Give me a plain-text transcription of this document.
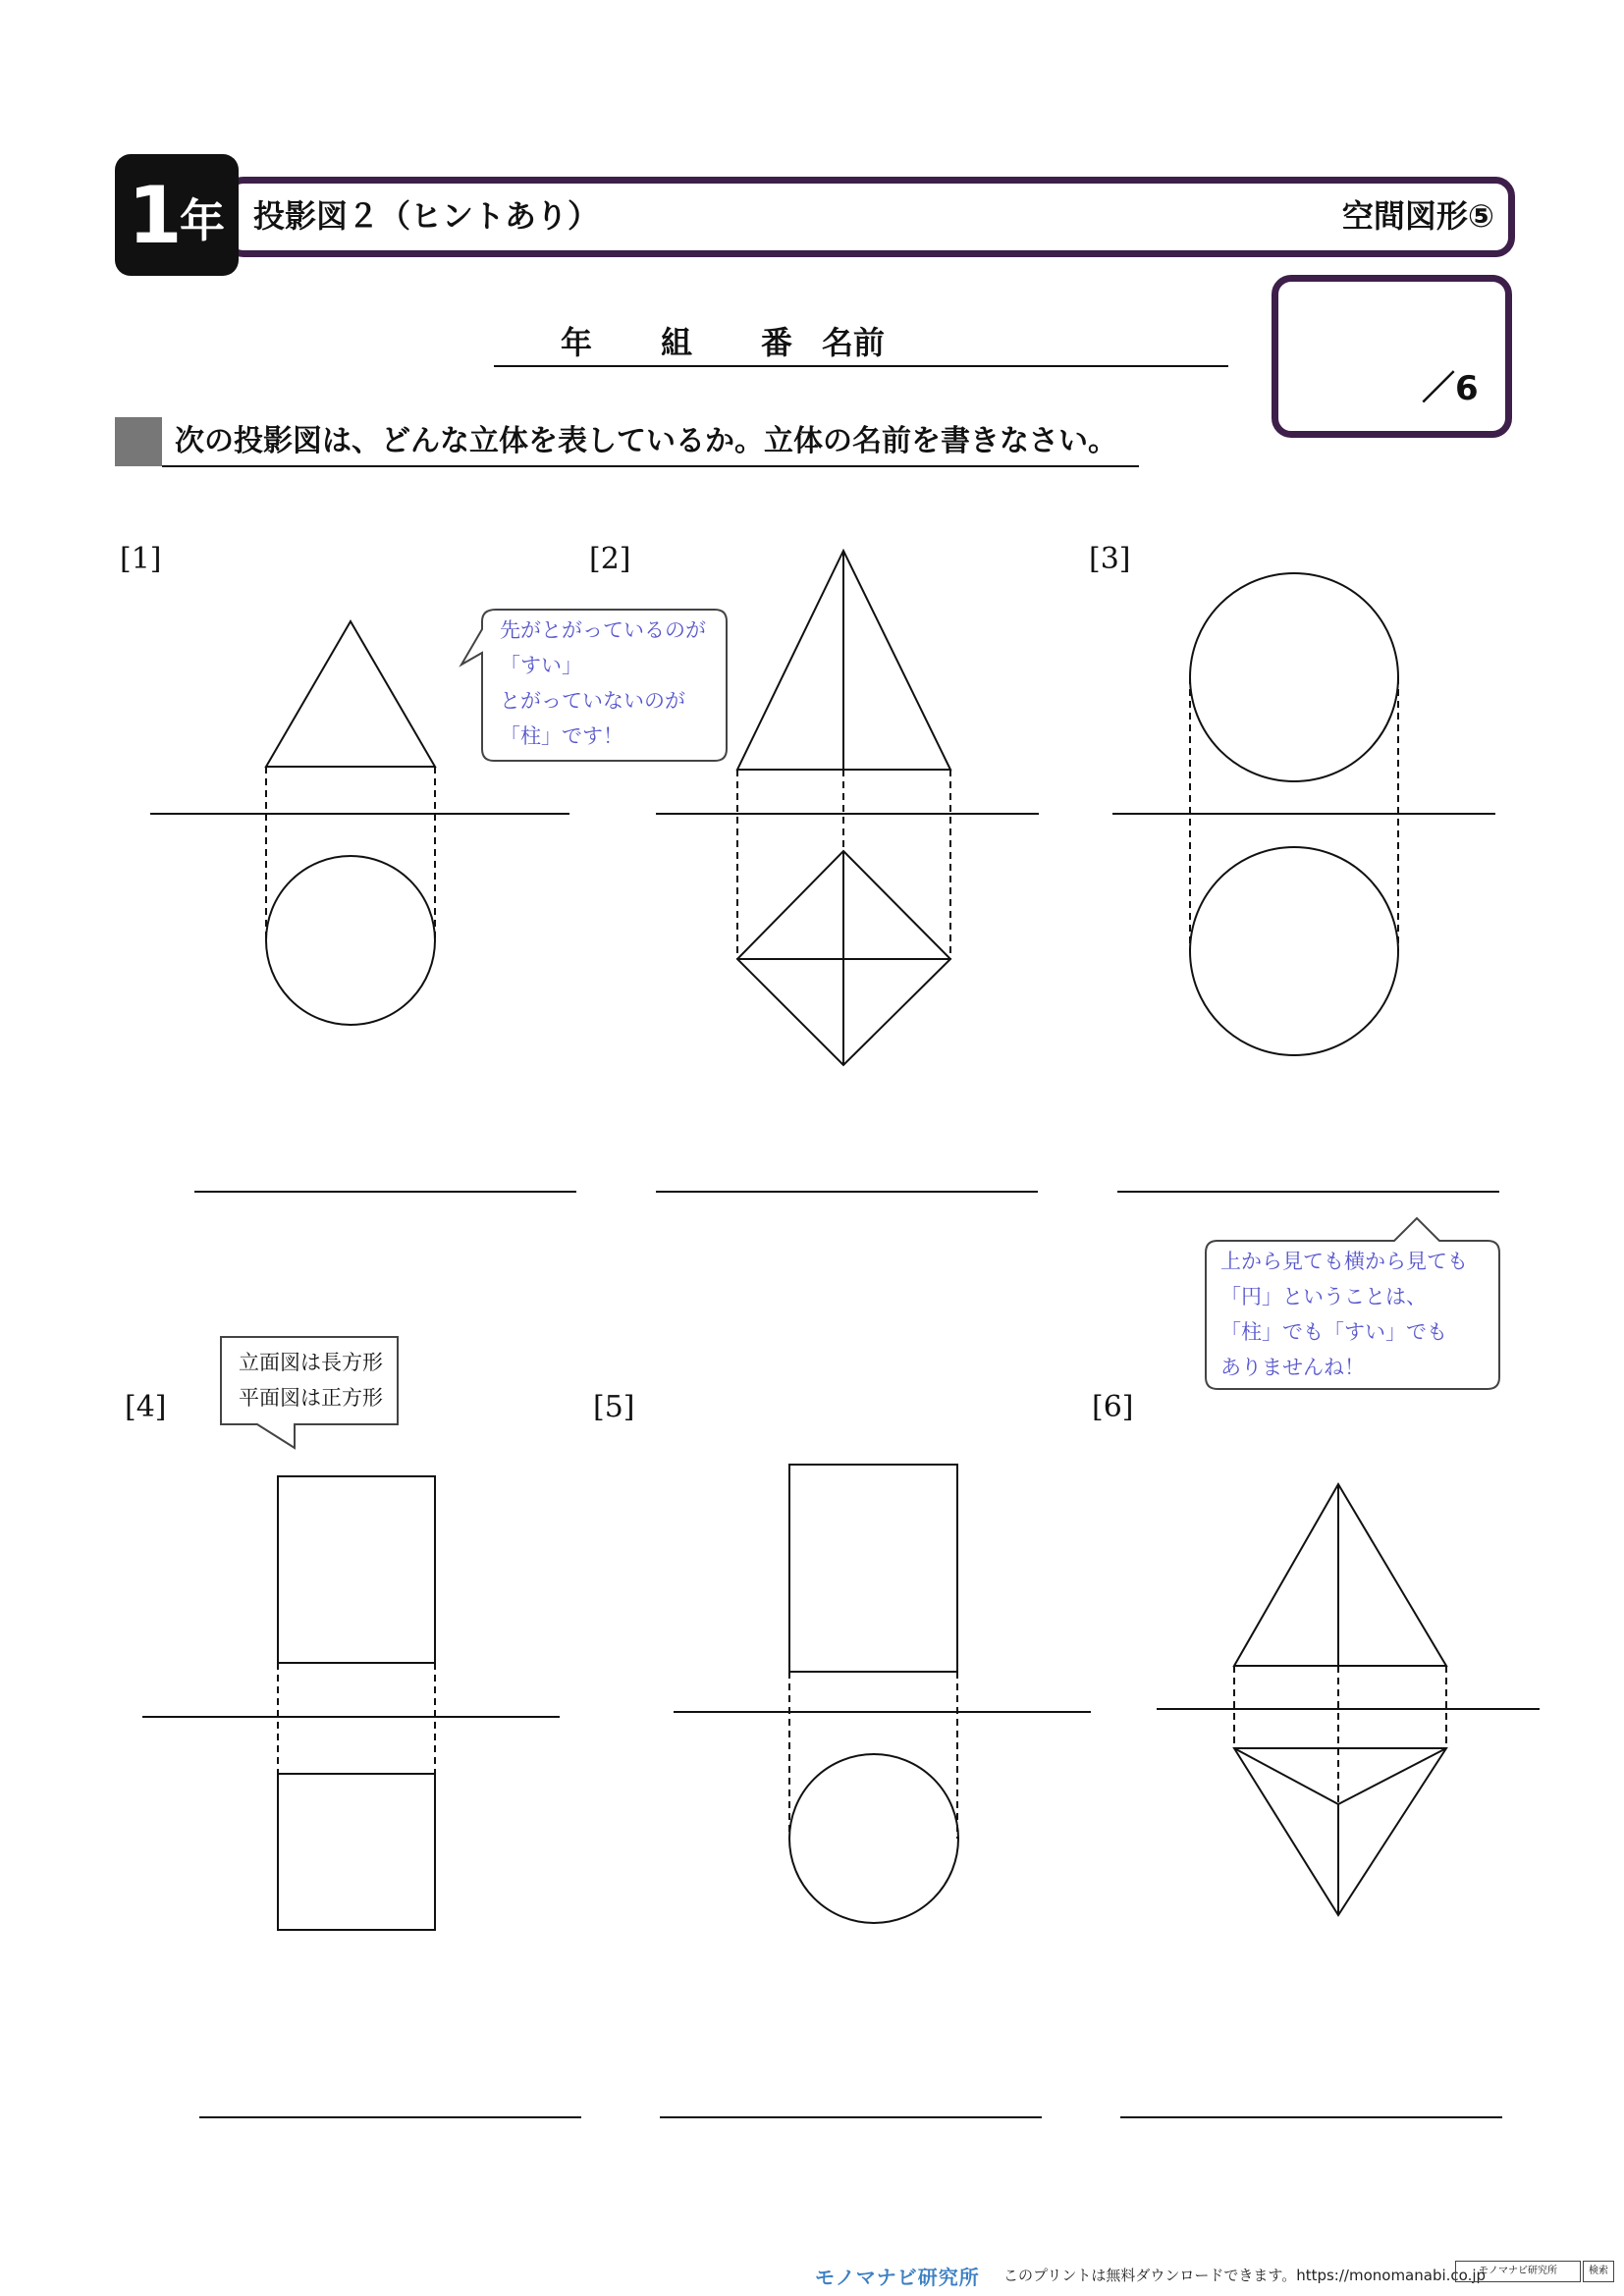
1
年 投影図２（ヒントあり）	空間図形⑤
年 組 番 名前
／6
次の投影図は、どんな立体を表しているか。立体の名前を書きなさい。
[1]	[2]	[3]
[4]	[5]	[6]
先がとがっているのが
「すい」
とがっていないのが
「柱」です！
上から見ても横から見ても
「円」ということは、
「柱」でも「すい」でも
ありませんね！
立面図は長方形
平面図は正方形
モノマナビ研究所 このプリントは無料ダウンロードできます。https://monomanabi.co.jp
モノマナビ研究所	検索
